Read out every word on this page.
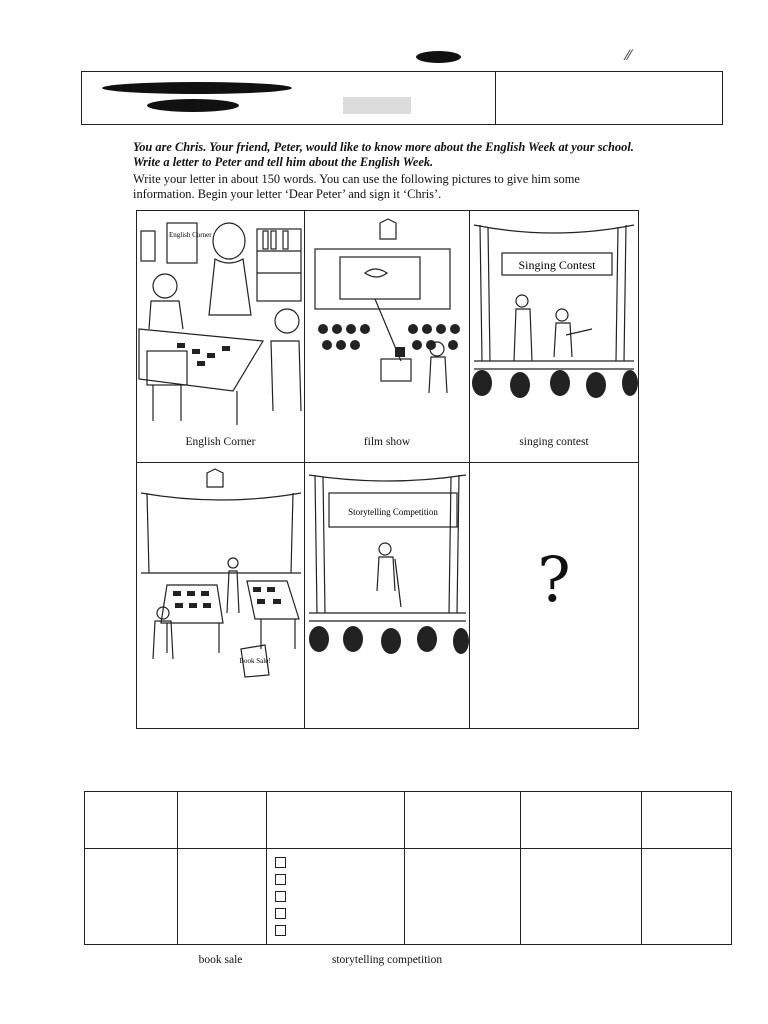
⁄⁄

You are Chris. Your friend, Peter, would like to know more about the English Week at your school. Write a letter to Peter and tell him about the English Week.

Write your letter in about 150 words. You can use the following pictures to give him some information. Begin your letter ‘Dear Peter’ and sign it ‘Chris’.

English Corner
English Corner	film show
Singing Contest
singing contest
Book Sale!
book sale
Storytelling Competition
storytelling competition
?
